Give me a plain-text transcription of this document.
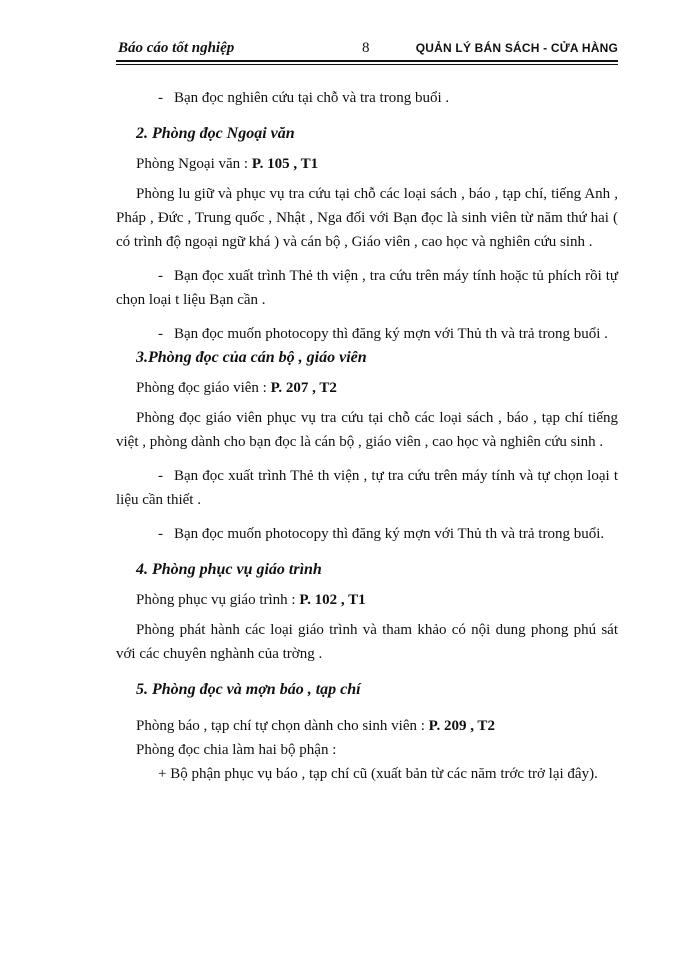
Báo cáo tốt nghiệp	8	QUẢN LÝ BÁN SÁCH - CỬA HÀNG

- Bạn đọc nghiên cứu tại chỗ và tra trong buổi .

2. Phòng đọc Ngoại văn

Phòng Ngoại văn : P. 105 , T1

Phòng lu giữ và phục vụ tra cứu tại chỗ các loại sách , báo , tạp chí, tiếng Anh , Pháp , Đức , Trung quốc , Nhật , Nga đối với Bạn đọc là sinh viên từ năm thứ hai ( có trình độ ngoại ngữ khá ) và cán bộ , Giáo viên , cao học và nghiên cứu sinh .

- Bạn đọc xuất trình Thẻ th viện , tra cứu trên máy tính hoặc tủ phích rồi tự chọn loại t liệu Bạn cần .

- Bạn đọc muốn photocopy thì đăng ký mợn với Thủ th và trả trong buổi .

3.Phòng đọc của cán bộ , giáo viên

Phòng đọc giáo viên : P. 207 , T2

Phòng đọc giáo viên phục vụ tra cứu tại chỗ các loại sách , báo , tạp chí tiếng việt , phòng dành cho bạn đọc là cán bộ , giáo viên , cao học và nghiên cứu sinh .

- Bạn đọc xuất trình Thẻ th viện , tự tra cứu trên máy tính và tự chọn loại t liệu cần thiết .

- Bạn đọc muốn photocopy thì đăng ký mợn với Thủ th và trả trong buổi.

4. Phòng phục vụ giáo trình

Phòng phục vụ giáo trình : P. 102 , T1

Phòng phát hành các loại giáo trình và tham khảo có nội dung phong phú sát với các chuyên nghành của trờng .

5. Phòng đọc và mợn báo , tạp chí

Phòng báo , tạp chí tự chọn dành cho sinh viên : P. 209 , T2

Phòng đọc chia làm hai bộ phận :

+ Bộ phận phục vụ báo , tạp chí cũ (xuất bản từ các năm trớc trở lại đây).
